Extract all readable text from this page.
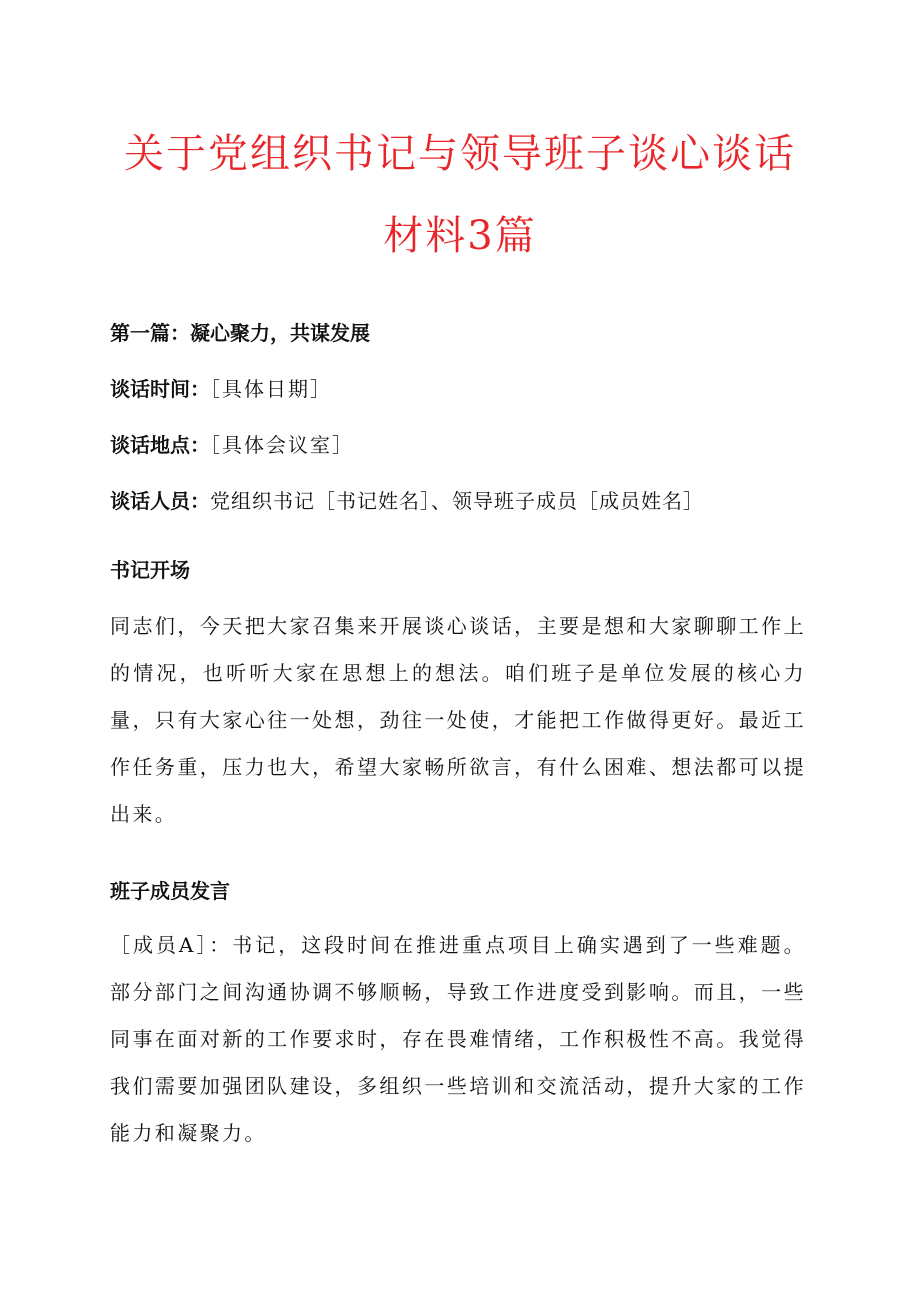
关于党组织书记与领导班子谈心谈话
材料3篇

第一篇：凝心聚力，共谋发展

谈话时间：［具体日期］

谈话地点：［具体会议室］

谈话人员：党组织书记［书记姓名］、领导班子成员［成员姓名］

书记开场

同志们，今天把大家召集来开展谈心谈话，主要是想和大家聊聊工作上的情况，也听听大家在思想上的想法。咱们班子是单位发展的核心力量，只有大家心往一处想，劲往一处使，才能把工作做得更好。最近工作任务重，压力也大，希望大家畅所欲言，有什么困难、想法都可以提出来。

班子成员发言

［成员A］：书记，这段时间在推进重点项目上确实遇到了一些难题。部分部门之间沟通协调不够顺畅，导致工作进度受到影响。而且，一些同事在面对新的工作要求时，存在畏难情绪，工作积极性不高。我觉得我们需要加强团队建设，多组织一些培训和交流活动，提升大家的工作能力和凝聚力。
